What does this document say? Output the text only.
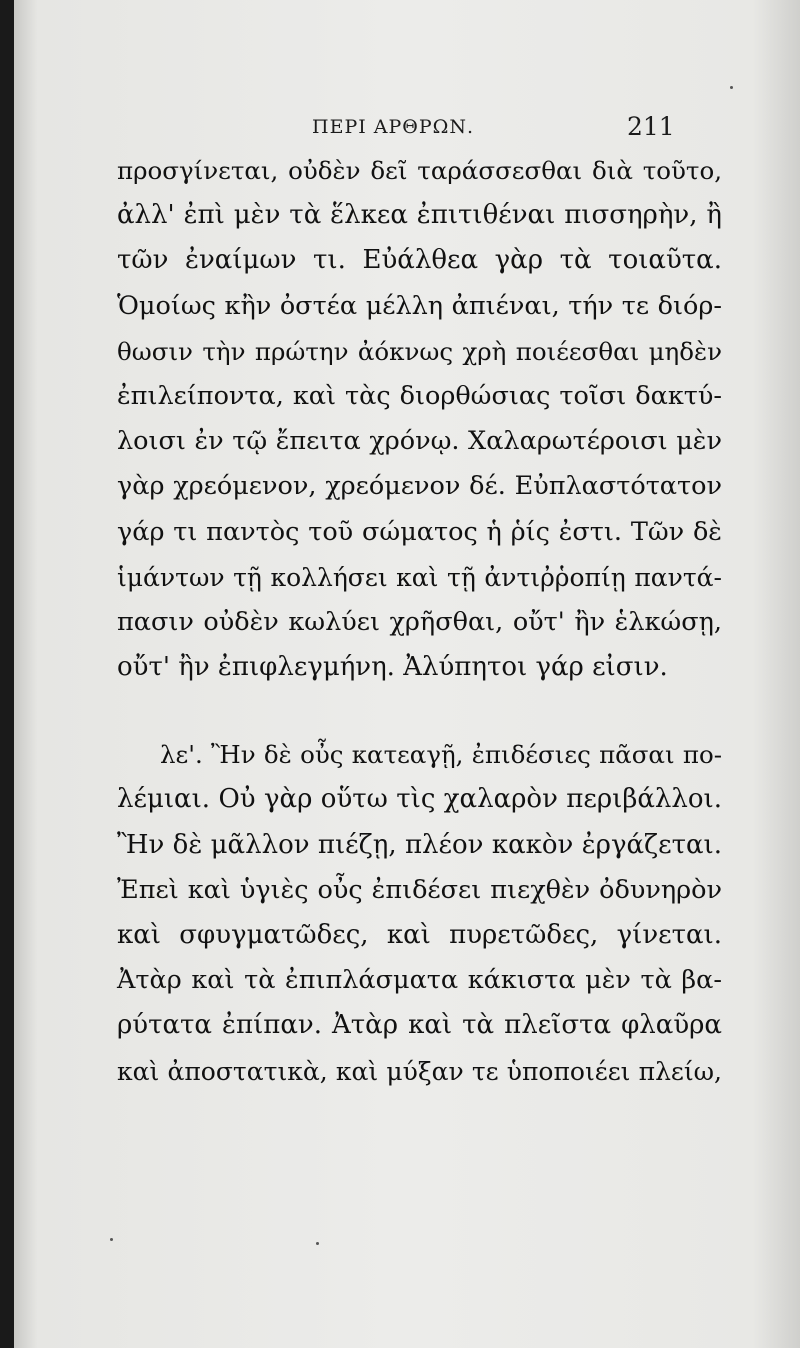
ΠΕΡΙ ΑΡΘΡΩΝ.	211
προσγίνεται, οὐδὲν δεῖ ταράσσεσθαι διὰ τοῦτο,
ἀλλ' ἐπὶ μὲν τὰ ἕλκεα ἐπιτιθέναι πισσηρὴν, ἢ
τῶν ἐναίμων τι. Εὐάλθεα γὰρ τὰ τοιαῦτα.
Ὁμοίως κἢν ὀστέα μέλλη ἀπιέναι, τήν τε διόρ-
θωσιν τὴν πρώτην ἀόκνως χρὴ ποιέεσθαι μηδὲν
ἐπιλείποντα, καὶ τὰς διορθώσιας τοῖσι δακτύ-
λοισι ἐν τῷ ἔπειτα χρόνῳ. Χαλαρωτέροισι μὲν
γὰρ χρεόμενον, χρεόμενον δέ. Εὐπλαστότατον
γάρ τι παντὸς τοῦ σώματος ἡ ῥίς ἐστι. Τῶν δὲ
ἱμάντων τῇ κολλήσει καὶ τῇ ἀντιῤῥοπίῃ παντά-
πασιν οὐδὲν κωλύει χρῆσθαι, οὔτ' ἢν ἑλκώσῃ,
οὔτ' ἢν ἐπιφλεγμήνη. Ἀλύπητοι γάρ εἰσιν.
λε'. Ἢν δὲ οὖς κατεαγῇ, ἐπιδέσιες πᾶσαι πο-
λέμιαι. Οὐ γὰρ οὕτω τὶς χαλαρὸν περιβάλλοι.
Ἢν δὲ μᾶλλον πιέζῃ, πλέον κακὸν ἐργάζεται.
Ἐπεὶ καὶ ὑγιὲς οὖς ἐπιδέσει πιεχθὲν ὀδυνηρὸν
καὶ σφυγματῶδες, καὶ πυρετῶδες, γίνεται.
Ἀτὰρ καὶ τὰ ἐπιπλάσματα κάκιστα μὲν τὰ βα-
ρύτατα ἐπίπαν. Ἀτὰρ καὶ τὰ πλεῖστα φλαῦρα
καὶ ἀποστατικὰ, καὶ μύξαν τε ὑποποιέει πλείω,
